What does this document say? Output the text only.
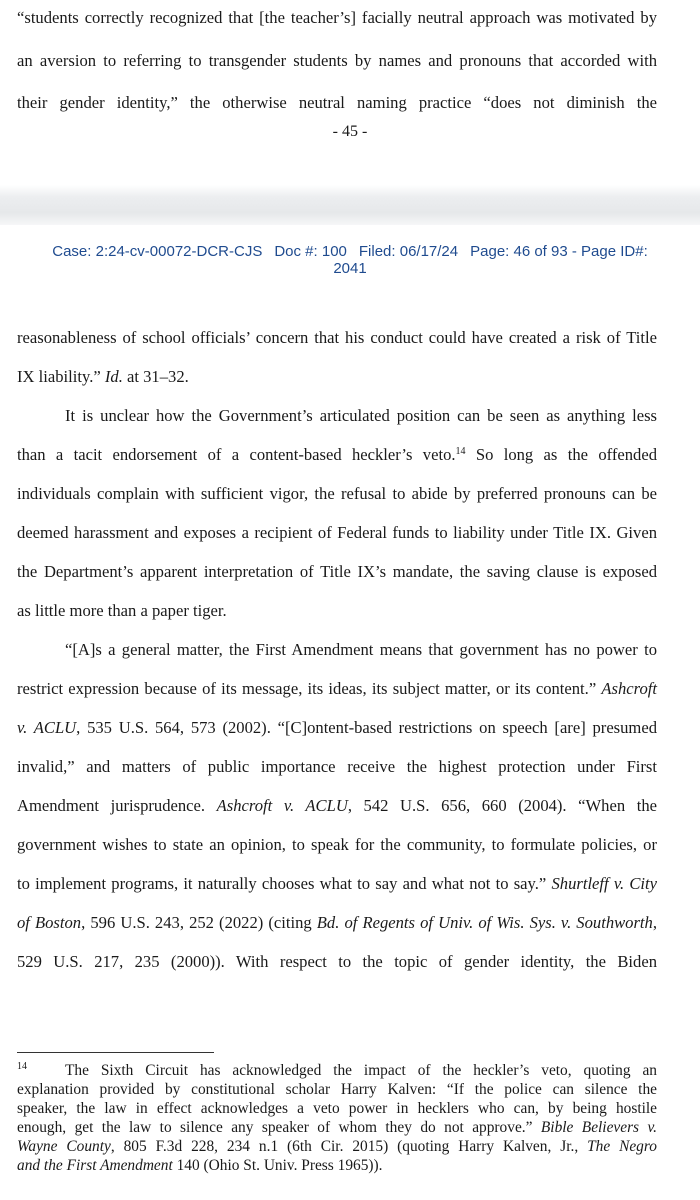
“students correctly recognized that [the teacher’s] facially neutral approach was motivated by
an aversion to referring to transgender students by names and pronouns that accorded with
their gender identity,” the otherwise neutral naming practice “does not diminish the
- 45 -
Case: 2:24-cv-00072-DCR-CJS Doc #: 100 Filed: 06/17/24 Page: 46 of 93 - Page ID#:
2041
reasonableness of school officials’ concern that his conduct could have created a risk of Title
IX liability.” Id. at 31–32.
It is unclear how the Government’s articulated position can be seen as anything less
than a tacit endorsement of a content-based heckler’s veto.$^{14}$ So long as the offended
individuals complain with sufficient vigor, the refusal to abide by preferred pronouns can be
deemed harassment and exposes a recipient of Federal funds to liability under Title IX. Given
the Department’s apparent interpretation of Title IX’s mandate, the saving clause is exposed
as little more than a paper tiger.
“[A]s a general matter, the First Amendment means that government has no power to
restrict expression because of its message, its ideas, its subject matter, or its content.” Ashcroft
v. ACLU, 535 U.S. 564, 573 (2002). “[C]ontent-based restrictions on speech [are] presumed
invalid,” and matters of public importance receive the highest protection under First
Amendment jurisprudence. Ashcroft v. ACLU, 542 U.S. 656, 660 (2004). “When the
government wishes to state an opinion, to speak for the community, to formulate policies, or
to implement programs, it naturally chooses what to say and what not to say.” Shurtleff v. City
of Boston, 596 U.S. 243, 252 (2022) (citing Bd. of Regents of Univ. of Wis. Sys. v. Southworth,
529 U.S. 217, 235 (2000)). With respect to the topic of gender identity, the Biden
14 The Sixth Circuit has acknowledged the impact of the heckler’s veto, quoting an
explanation provided by constitutional scholar Harry Kalven: “If the police can silence the
speaker, the law in effect acknowledges a veto power in hecklers who can, by being hostile
enough, get the law to silence any speaker of whom they do not approve.” Bible Believers v.
Wayne County, 805 F.3d 228, 234 n.1 (6th Cir. 2015) (quoting Harry Kalven, Jr., The Negro
and the First Amendment 140 (Ohio St. Univ. Press 1965)).
